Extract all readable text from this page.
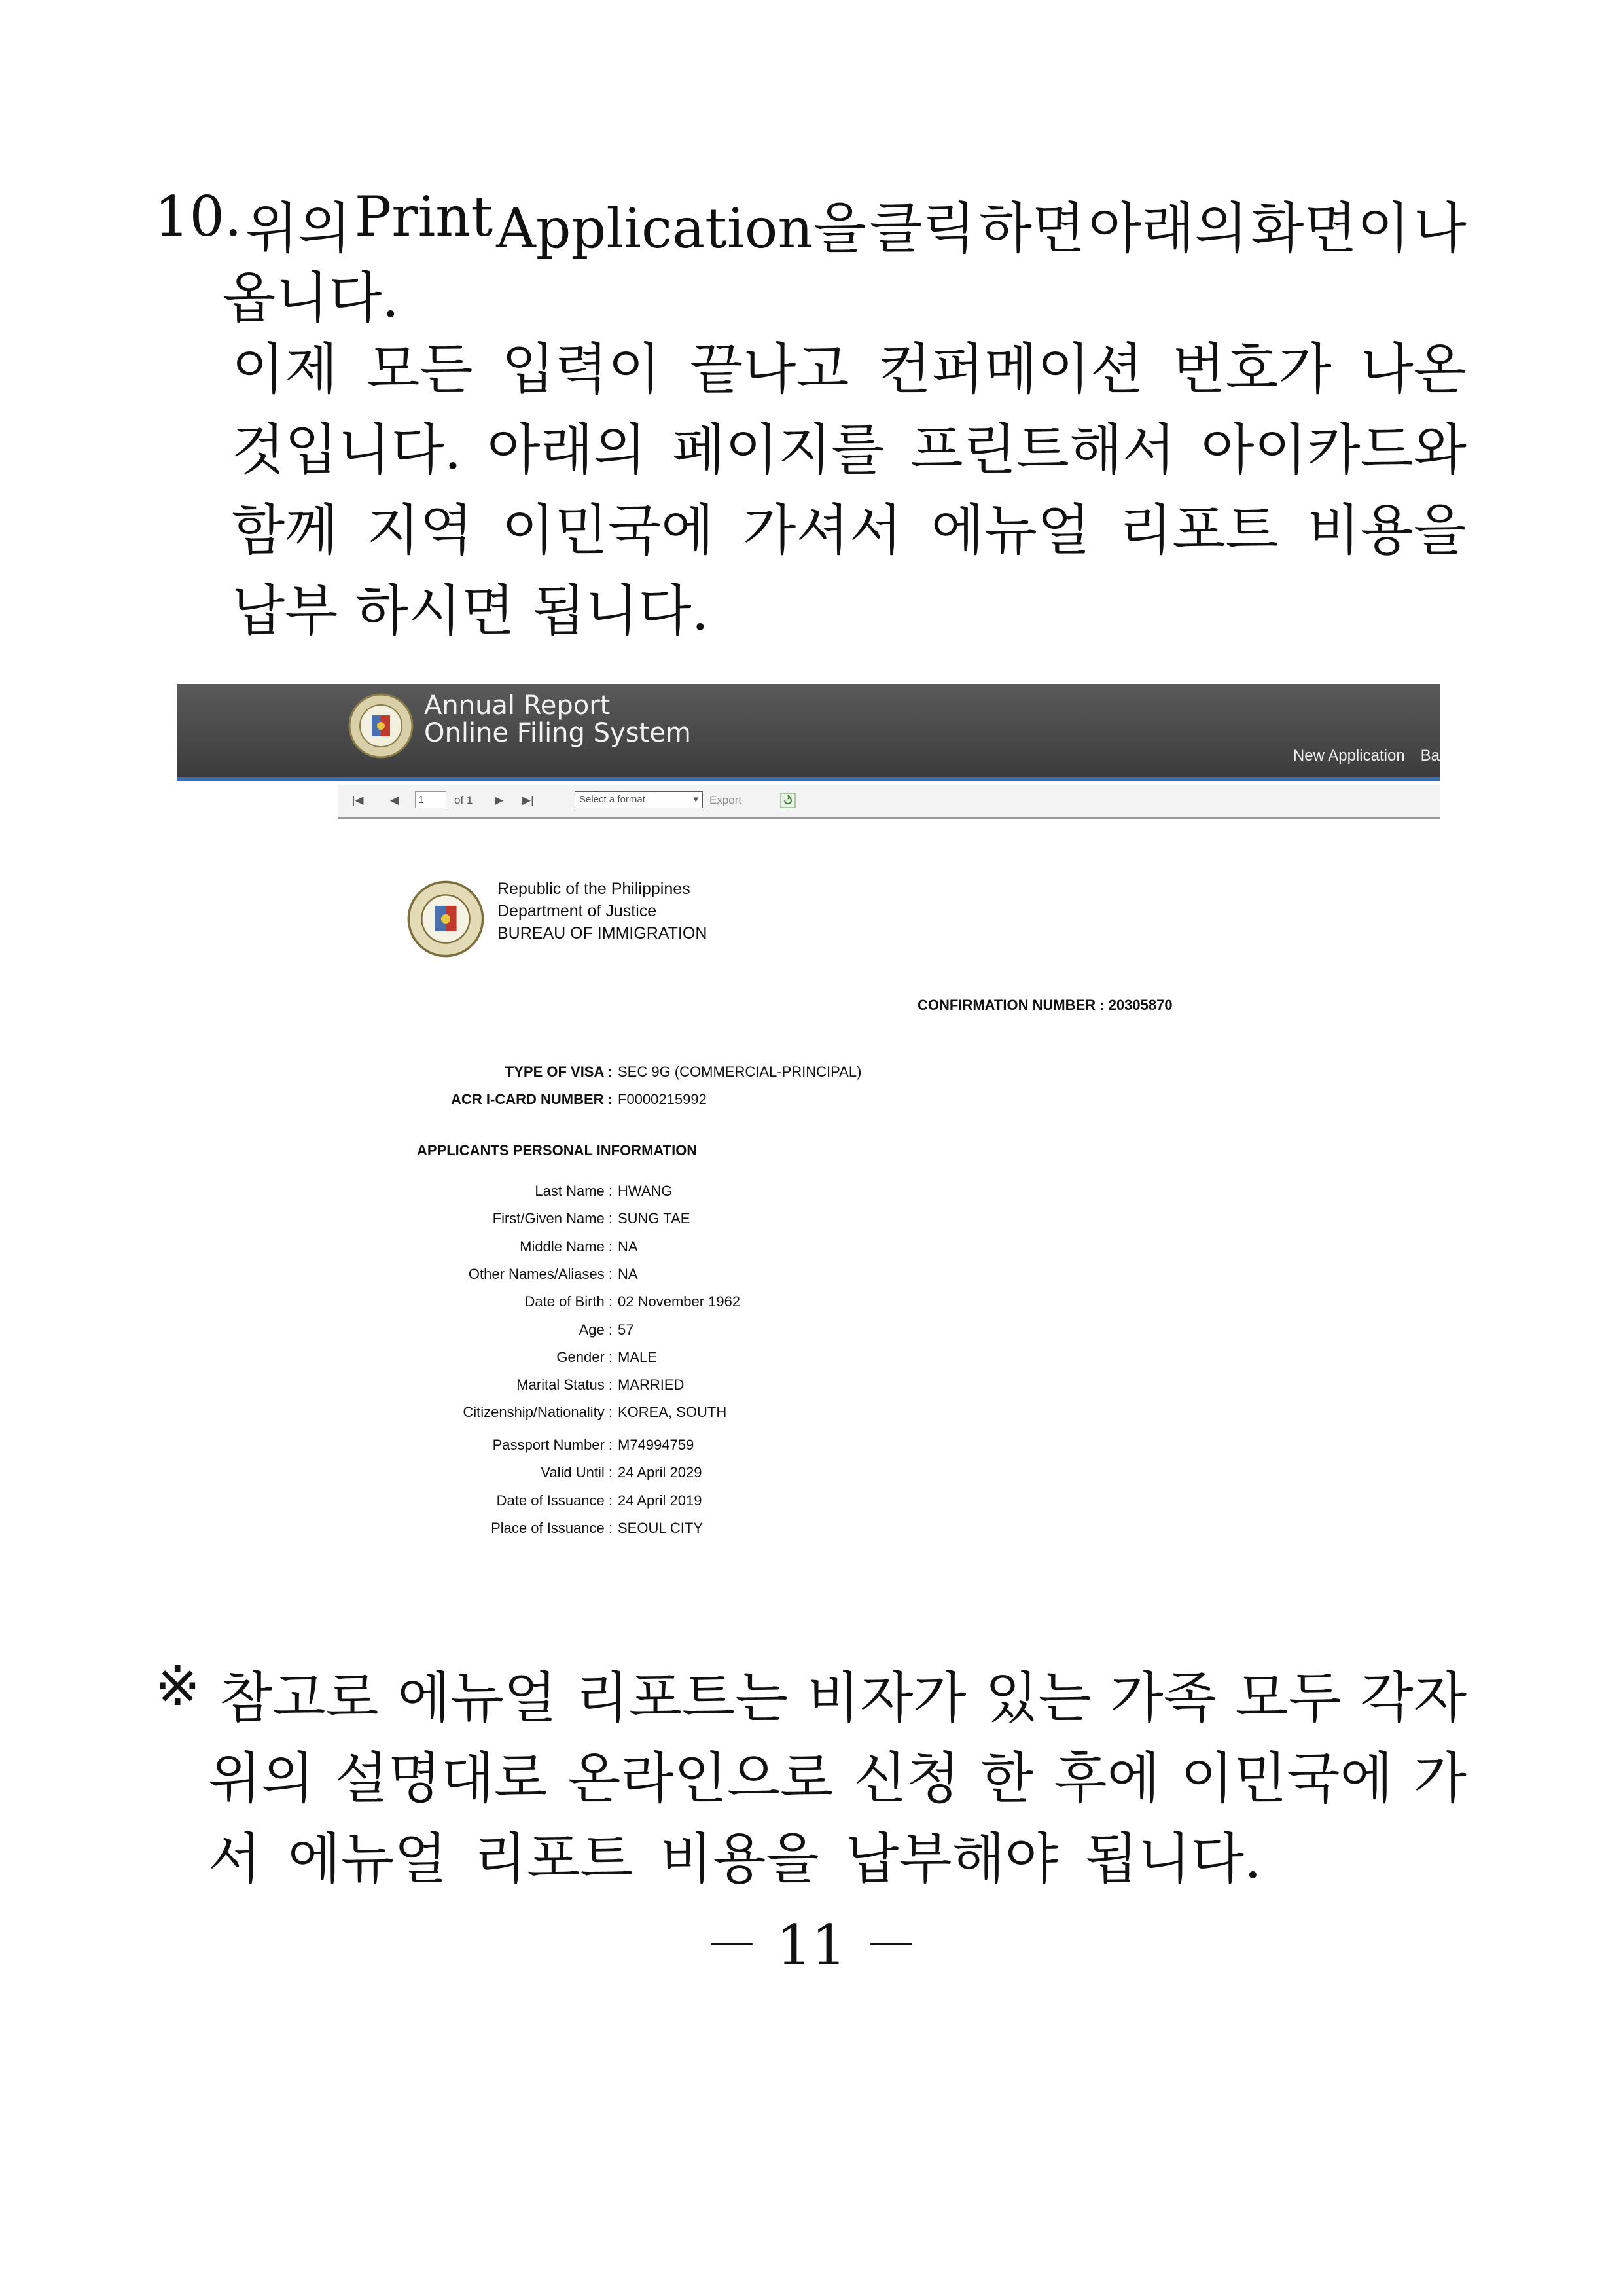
10. 위의 Print Application을 클릭 하면 아래의 화면이 나
옵니다.
이제 모든 입력이 끝나고 컨퍼메이션 번호가 나온
것입니다. 아래의 페이지를 프린트해서 아이카드와
함께 지역 이민국에 가셔서 에뉴얼 리포트 비용을
납부 하시면 됩니다.
Annual Report
Online Filing System
New Application Ba
|◀ ◀	1	of 1 ▶ ▶|	Select a format	▾ Export
Republic of the Philippines
Department of Justice
BUREAU OF IMMIGRATION
CONFIRMATION NUMBER : 20305870
TYPE OF VISA : SEC 9G (COMMERCIAL-PRINCIPAL)
ACR I-CARD NUMBER : F0000215992
APPLICANTS PERSONAL INFORMATION
Last Name : HWANG
First/Given Name : SUNG TAE
Middle Name : NA
Other Names/Aliases : NA
Date of Birth : 02 November 1962
Age : 57
Gender : MALE
Marital Status : MARRIED
Citizenship/Nationality : KOREA, SOUTH
Passport Number : M74994759
Valid Until : 24 April 2029
Date of Issuance : 24 April 2019
Place of Issuance : SEOUL CITY
※ 참고로 에뉴얼 리포트는 비자가 있는 가족 모두 각자
위의 설명대로 온라인으로 신청 한 후에 이민국에 가
서 에뉴얼 리포트 비용을 납부해야 됩니다.
－ 11 －
